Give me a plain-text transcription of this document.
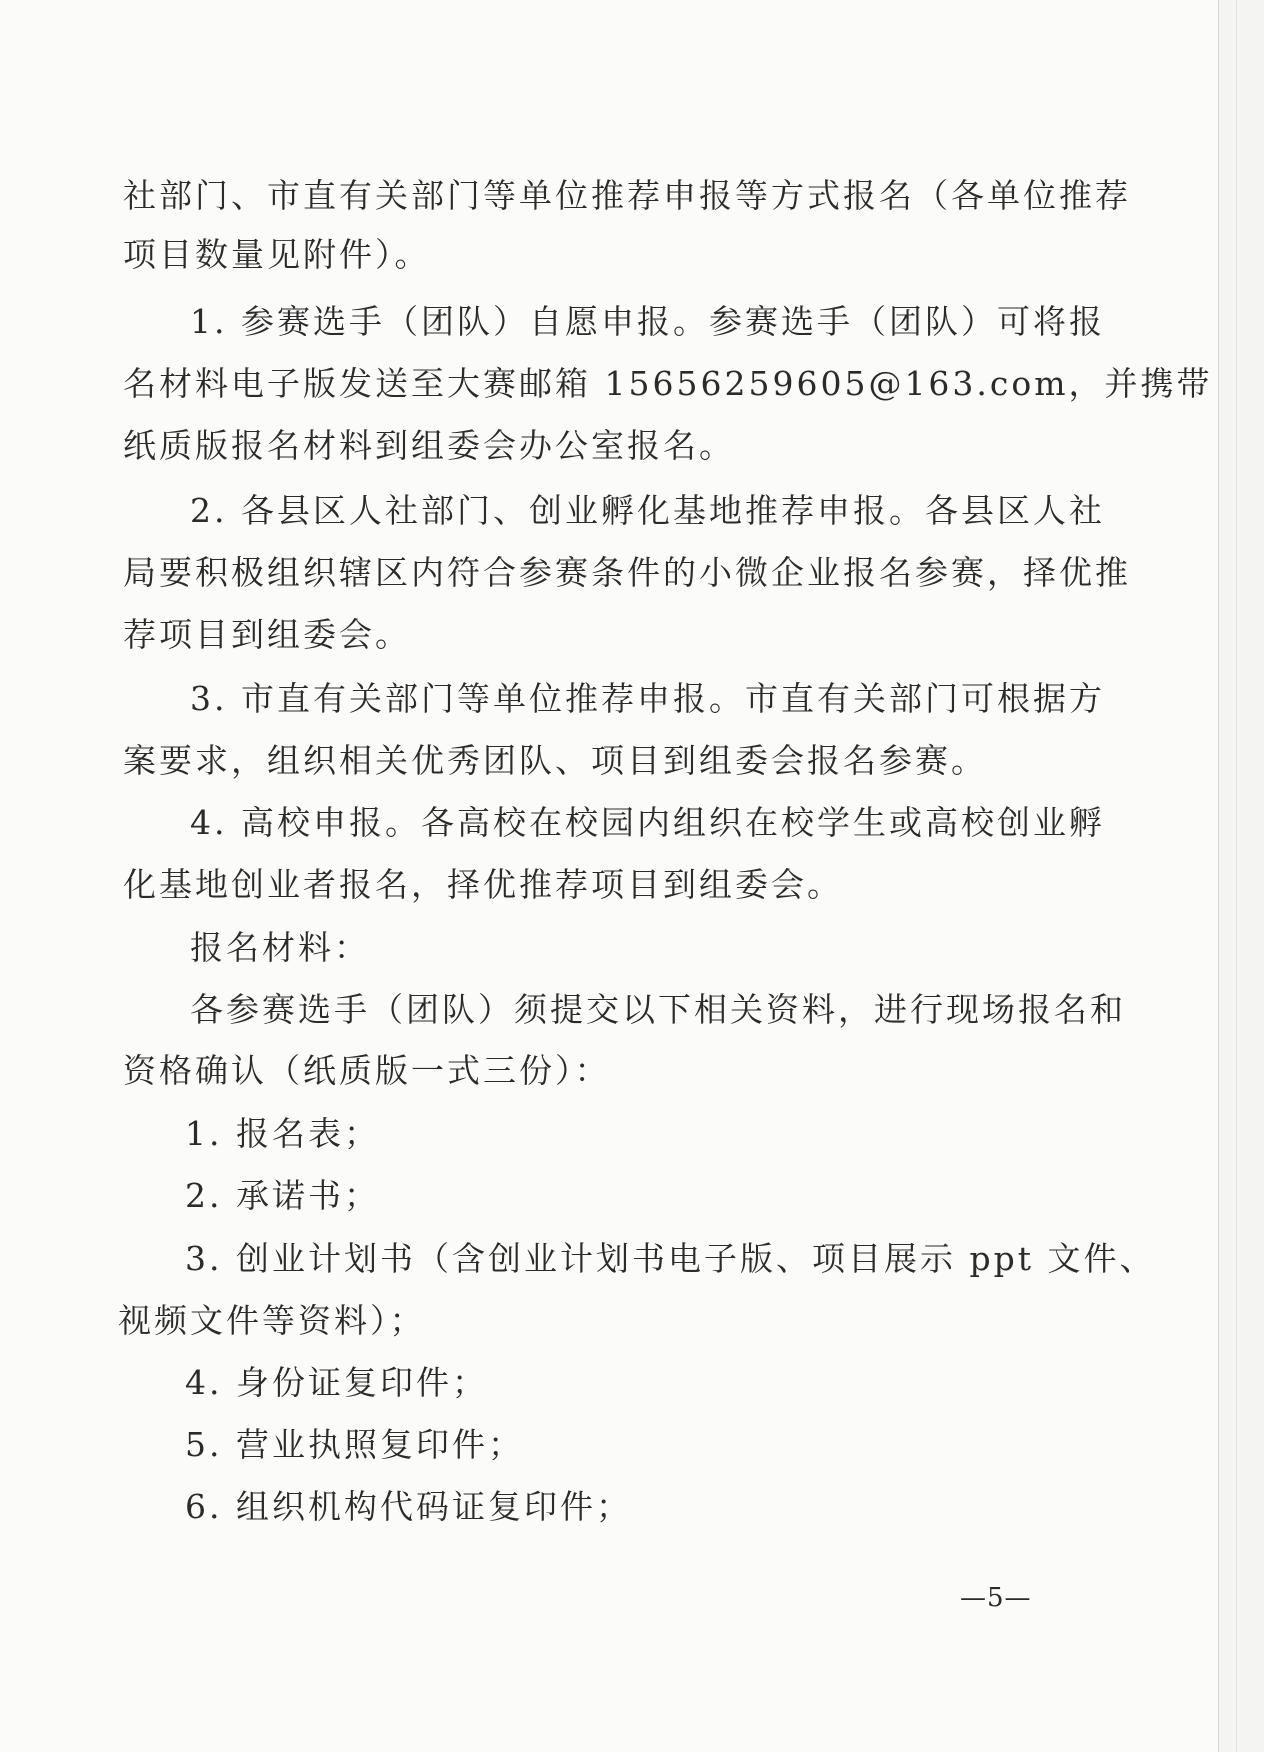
社部门、市直有关部门等单位推荐申报等方式报名（各单位推荐
项目数量见附件）。
1. 参赛选手（团队）自愿申报。参赛选手（团队）可将报
名材料电子版发送至大赛邮箱 15656259605@163.com，并携带
纸质版报名材料到组委会办公室报名。
2. 各县区人社部门、创业孵化基地推荐申报。各县区人社
局要积极组织辖区内符合参赛条件的小微企业报名参赛，择优推
荐项目到组委会。
3. 市直有关部门等单位推荐申报。市直有关部门可根据方
案要求，组织相关优秀团队、项目到组委会报名参赛。
4. 高校申报。各高校在校园内组织在校学生或高校创业孵
化基地创业者报名，择优推荐项目到组委会。
报名材料：
各参赛选手（团队）须提交以下相关资料，进行现场报名和
资格确认（纸质版一式三份）：
1. 报名表；
2. 承诺书；
3. 创业计划书（含创业计划书电子版、项目展示 ppt 文件、
视频文件等资料）；
4. 身份证复印件；
5. 营业执照复印件；
6. 组织机构代码证复印件；
—5—
